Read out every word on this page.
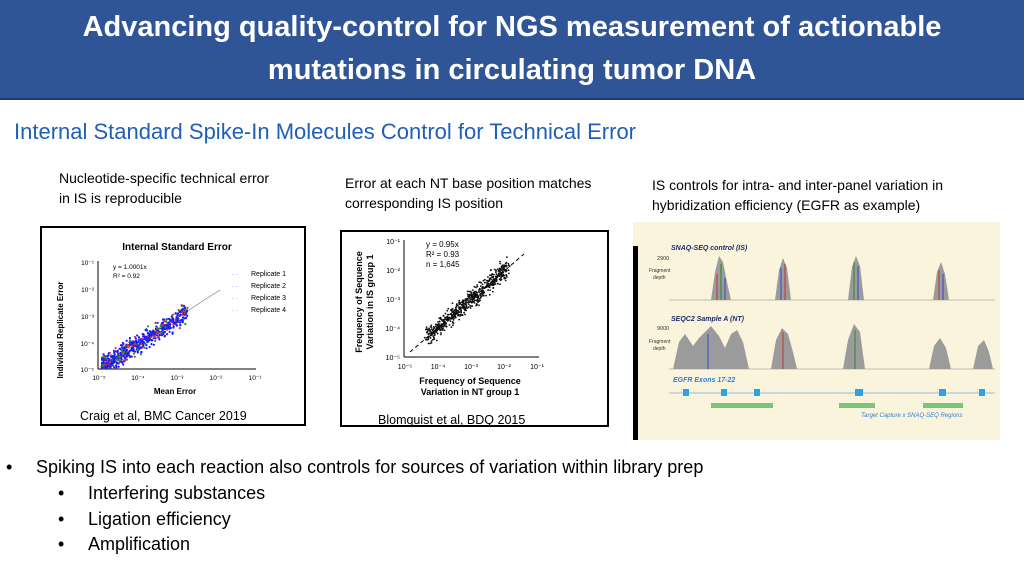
Advancing quality-control for NGS measurement of actionable
mutations in circulating tumor DNA
Internal Standard Spike-In Molecules Control for Technical Error
Nucleotide-specific technical error
in IS is reproducible
Error at each NT base position matches
corresponding IS position
IS controls for intra- and inter-panel variation in
hybridization efficiency (EGFR as example)
Internal Standard Error
Individual Replicate Error
Mean Error
10⁻¹
10⁻²
10⁻³
10⁻⁴
10⁻⁵
10⁻⁵	10⁻⁴	10⁻³	10⁻²	10⁻¹
y = 1.0001x
R² = 0.92	· · Replicate 1
· · Replicate 2
· · Replicate 3
· · Replicate 4
Craig et al, BMC Cancer 2019
Frequency of Sequence Variation in IS group 1
Frequency of Sequence
Variation in NT group 1
10⁻¹
10⁻²
10⁻³
10⁻⁴
10⁻⁵
10⁻⁵	10⁻⁴	10⁻³	10⁻²	10⁻¹
y = 0.95x
R² = 0.93
n = 1,645
Blomquist et al, BDQ 2015
SNAQ-SEQ control (IS)
2900
Fragment
depth
SEQC2 Sample A (NT)
9000
Fragment
depth
EGFR Exons 17-22
Target Capture x SNAQ-SEQ Regions
• Spiking IS into each reaction also controls for sources of variation within library prep
• Interfering substances
• Ligation efficiency
• Amplification
